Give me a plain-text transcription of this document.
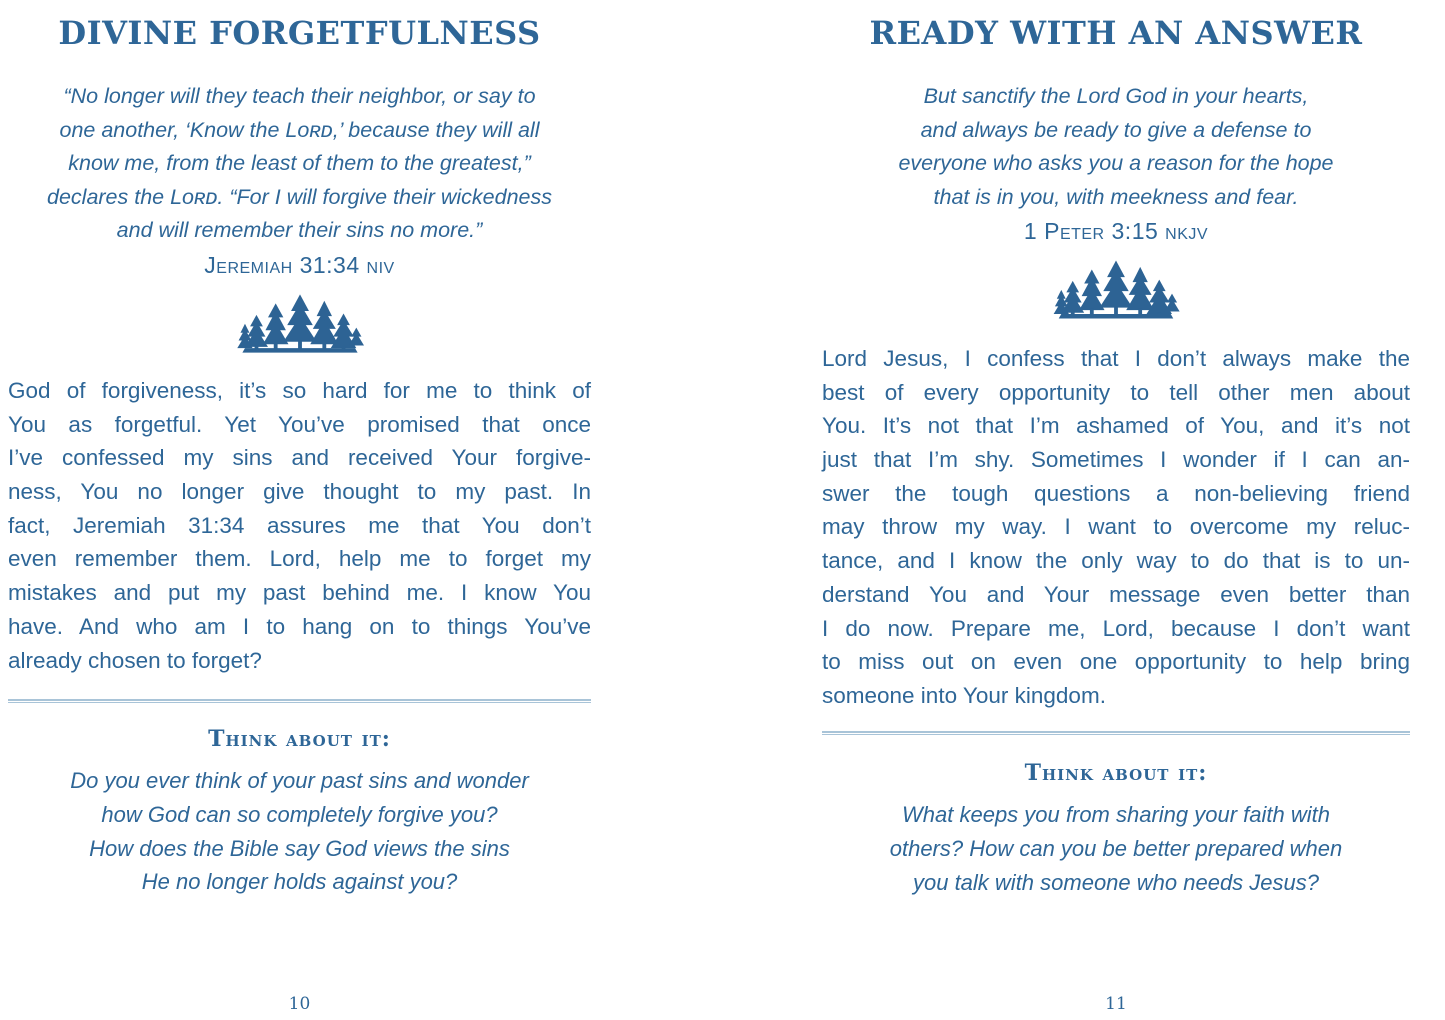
DIVINE FORGETFULNESS
“No longer will they teach their neighbor, or say to
one another, ‘Know the Lᴏʀᴅ,’ because they will all
know me, from the least of them to the greatest,”
declares the Lᴏʀᴅ. “For I will forgive their wickedness
and will remember their sins no more.”
Jeremiah 31:34 niv
God of forgiveness, it’s so hard for me to think of
You as forgetful. Yet You’ve promised that once
I’ve confessed my sins and received Your forgive-
ness, You no longer give thought to my past. In
fact, Jeremiah 31:34 assures me that You don’t
even remember them. Lord, help me to forget my
mistakes and put my past behind me. I know You
have. And who am I to hang on to things You’ve
already chosen to forget?
Think about it:
Do you ever think of your past sins and wonder
how God can so completely forgive you?
How does the Bible say God views the sins
He no longer holds against you?
10
READY WITH AN ANSWER
But sanctify the Lord God in your hearts,
and always be ready to give a defense to
everyone who asks you a reason for the hope
that is in you, with meekness and fear.
1 Peter 3:15 nkjv
Lord Jesus, I confess that I don’t always make the
best of every opportunity to tell other men about
You. It’s not that I’m ashamed of You, and it’s not
just that I’m shy. Sometimes I wonder if I can an-
swer the tough questions a non-believing friend
may throw my way. I want to overcome my reluc-
tance, and I know the only way to do that is to un-
derstand You and Your message even better than
I do now. Prepare me, Lord, because I don’t want
to miss out on even one opportunity to help bring
someone into Your kingdom.
Think about it:
What keeps you from sharing your faith with
others? How can you be better prepared when
you talk with someone who needs Jesus?
11
